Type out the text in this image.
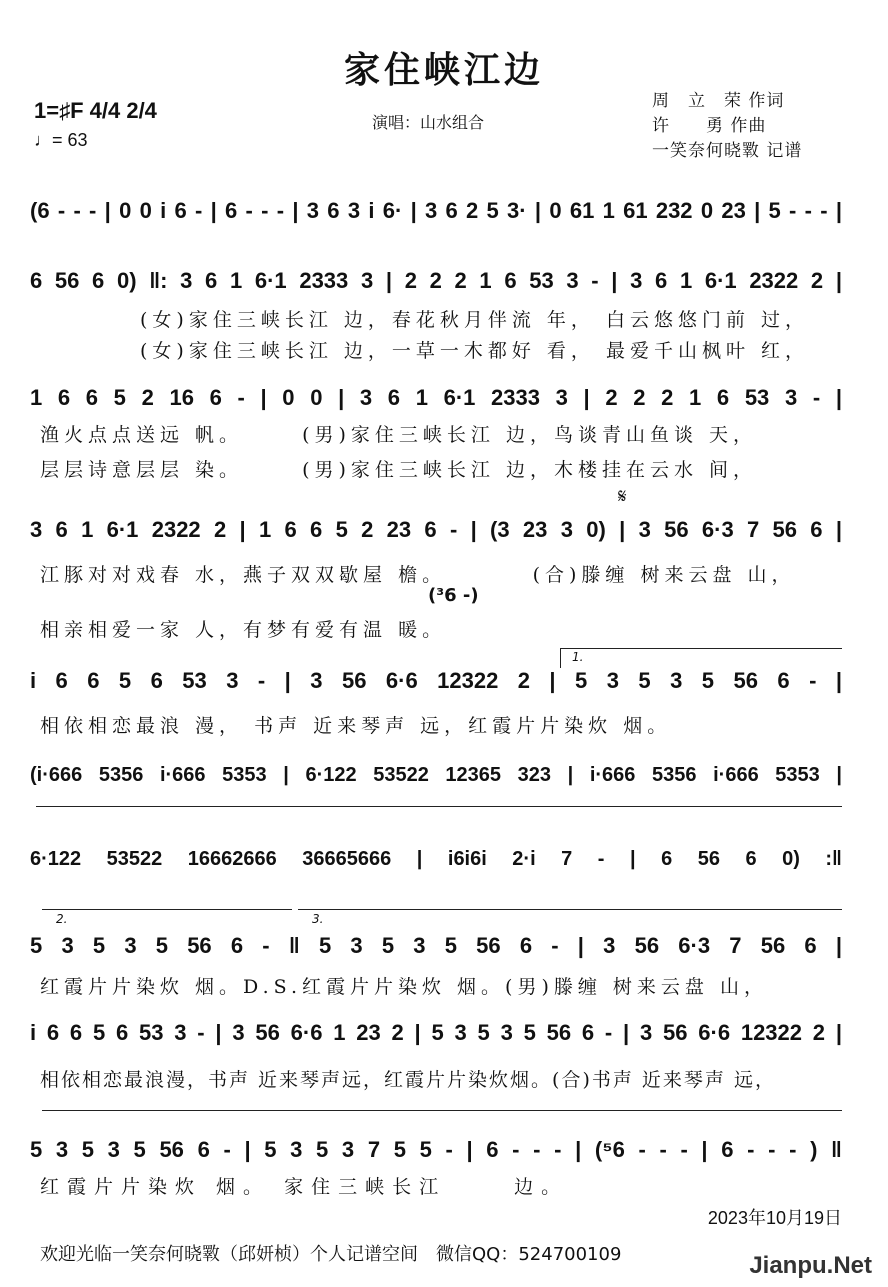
家住峡江边
1=♯F 4/4 2/4
♩= 63
演唱：山水组合
周　立　荣 作词
许　　勇 作曲
一笑奈何晓斁 记谱
(6 - - - | 0 0 i 6 - | 6 - - - | 3 6 3 i 6· | 3 6 2 5 3· | 0 61 1 61 232 0 23 | 5 - - - |
6 56 6 0) ‖: 3 6 1 6·1 2333 3 | 2 2 2 1 6 53 3 - | 3 6 1 6·1 2322 2 |
(女)家住三峡长江 边，春花秋月伴流 年， 白云悠悠门前 过，
(女)家住三峡长江 边，一草一木都好 看， 最爱千山枫叶 红，
1 6 6 5 2 16 6 - | 0 0 | 3 6 1 6·1 2333 3 | 2 2 2 1 6 53 3 - |
渔火点点送远 帆。 　　(男)家住三峡长江 边，鸟谈青山鱼谈 天，
层层诗意层层 染。 　　(男)家住三峡长江 边，木楼挂在云水 间，
𝄋
3 6 1 6·1 2322 2 | 1 6 6 5 2 23 6 - | (3 23 3 0) | 3 56 6·3 7 56 6 |
江豚对对戏春 水，燕子双双歇屋 檐。　　　　(合)滕缠 树来云盘 山，
(³6 -)
相亲相爱一家 人，有梦有爱有温 暖。
1.
i 6 6 5 6 53 3 - | 3 56 6·6 12322 2 | 5 3 5 3 5 56 6 - |
相依相恋最浪 漫， 书声 近来琴声 远，红霞片片染炊 烟。
(i·666 5356 i·666 5353 | 6·122 53522 12365 323 | i·666 5356 i·666 5353 |
6·122 53522 16662666 36665666 | i6i6i 2·i 7 - | 6 56 6 0) :‖
2.	3.
5 3 5 3 5 56 6 - ‖ 5 3 5 3 5 56 6 - | 3 56 6·3 7 56 6 |
红霞片片染炊 烟。D.S.红霞片片染炊 烟。(男)滕缠 树来云盘 山，
i 6 6 5 6 53 3 - | 3 56 6·6 1 23 2 | 5 3 5 3 5 56 6 - | 3 56 6·6 12322 2 |
相依相恋最浪漫，书声 近来琴声远，红霞片片染炊烟。(合)书声 近来琴声 远，
5 3 5 3 5 56 6 - | 5 3 5 3 7 5 5 - | 6 - - - | (⁵6 - - - | 6 - - - ) ‖
红霞片片染炊 烟。 家住三峡长江 　　边。
2023年10月19日
欢迎光临一笑奈何晓斁（邱妍桢）个人记谱空间　微信QQ：524700109	Jianpu.Net
